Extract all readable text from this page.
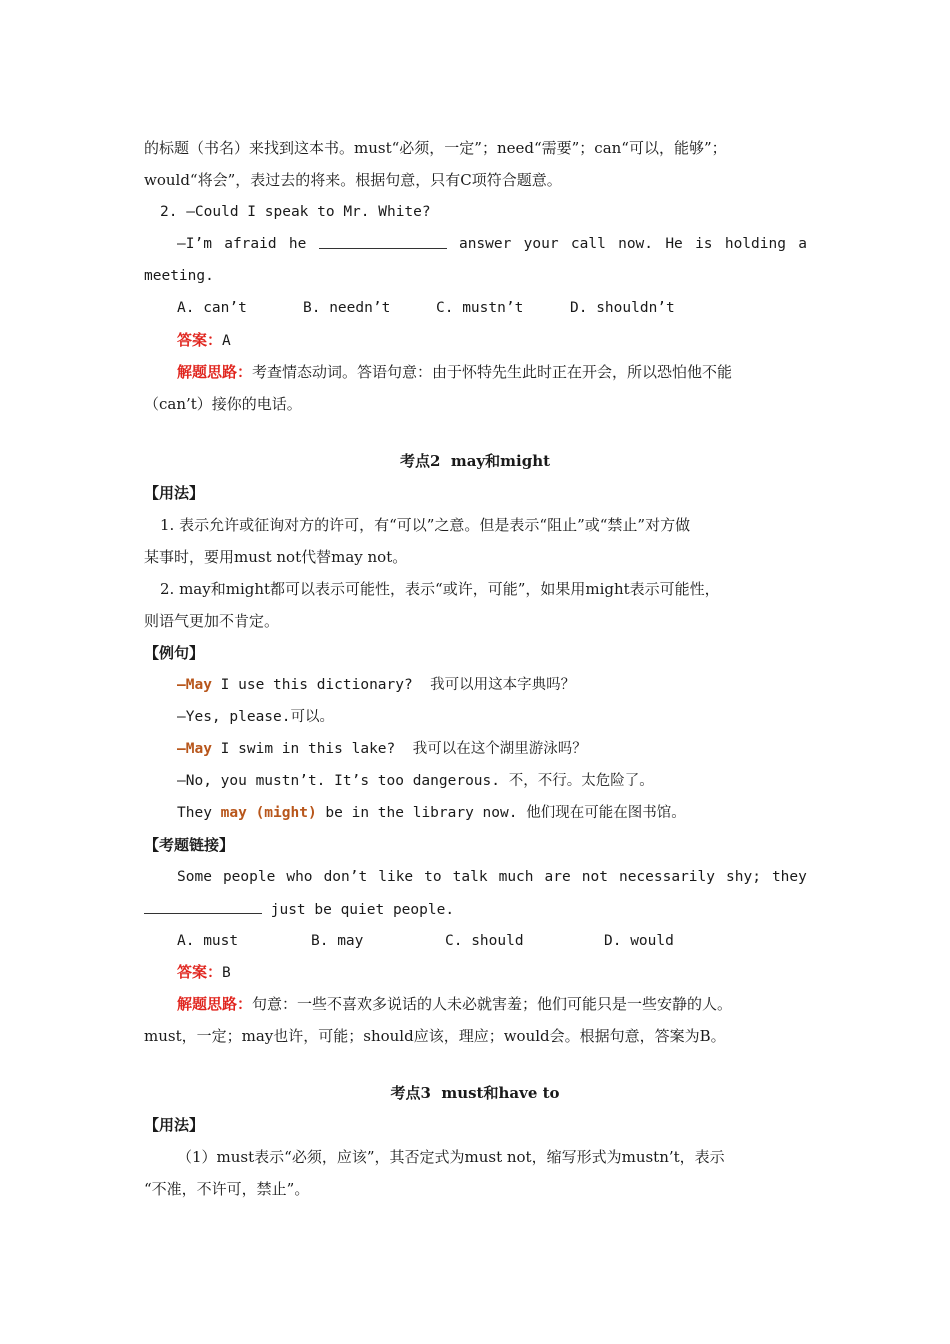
的标题（书名）来找到这本书。must“必须，一定”；need“需要”；can“可以，能够”；
would“将会”，表过去的将来。根据句意，只有C项符合题意。
2. —Could I speak to Mr. White?
—I’m afraid he	answer your call now. He is holding a
meeting.
A. can’t	B. needn’t	C. mustn’t	D. shouldn’t
答案：A
解题思路：考查情态动词。答语句意：由于怀特先生此时正在开会，所以恐怕他不能
（can’t）接你的电话。
考点2  may和might
【用法】
1. 表示允许或征询对方的许可，有“可以”之意。但是表示“阻止”或“禁止”对方做
某事时，要用must not代替may not。
2. may和might都可以表示可能性，表示“或许，可能”，如果用might表示可能性，
则语气更加不肯定。
【例句】
—May I use this dictionary?  我可以用这本字典吗？
—Yes, please.可以。
—May I swim in this lake?  我可以在这个湖里游泳吗？
—No, you mustn’t. It’s too dangerous. 不，不行。太危险了。
They may (might) be in the library now. 他们现在可能在图书馆。
【考题链接】
Some people who don’t like to talk much are not necessarily shy; they
just be quiet people.
A. must	B. may	C. should	D. would
答案：B
解题思路：句意：一些不喜欢多说话的人未必就害羞；他们可能只是一些安静的人。
must，一定；may也许，可能；should应该，理应；would会。根据句意，答案为B。
考点3  must和have to
【用法】
（1）must表示“必须，应该”，其否定式为must not，缩写形式为mustn’t，表示
“不准，不许可，禁止”。
